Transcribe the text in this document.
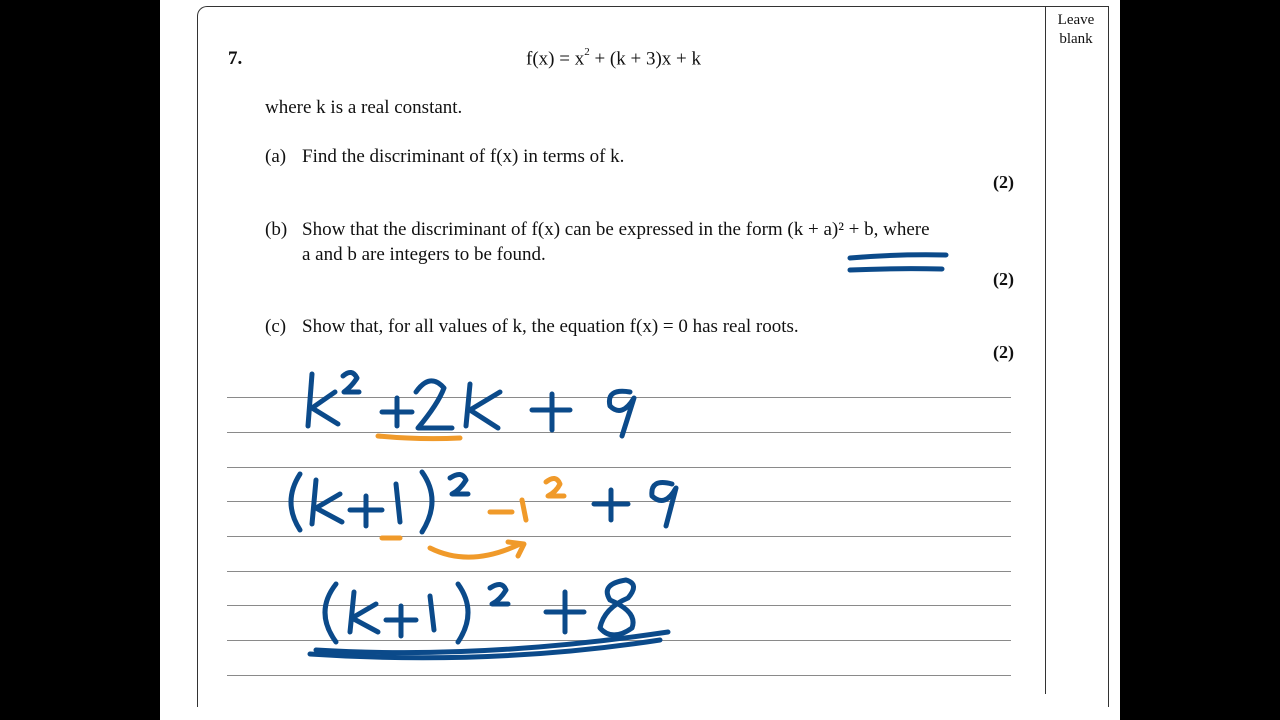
Leave
blank
7.	$f(x) = x^2 + (k + 3)x + k$
where k is a real constant.
(a) Find the discriminant of f(x) in terms of k.
(2)
(b) Show that the discriminant of f(x) can be expressed in the form (k + a)² + b, where
a and b are integers to be found.
(2)
(c) Show that, for all values of k, the equation f(x) = 0 has real roots.
(2)
